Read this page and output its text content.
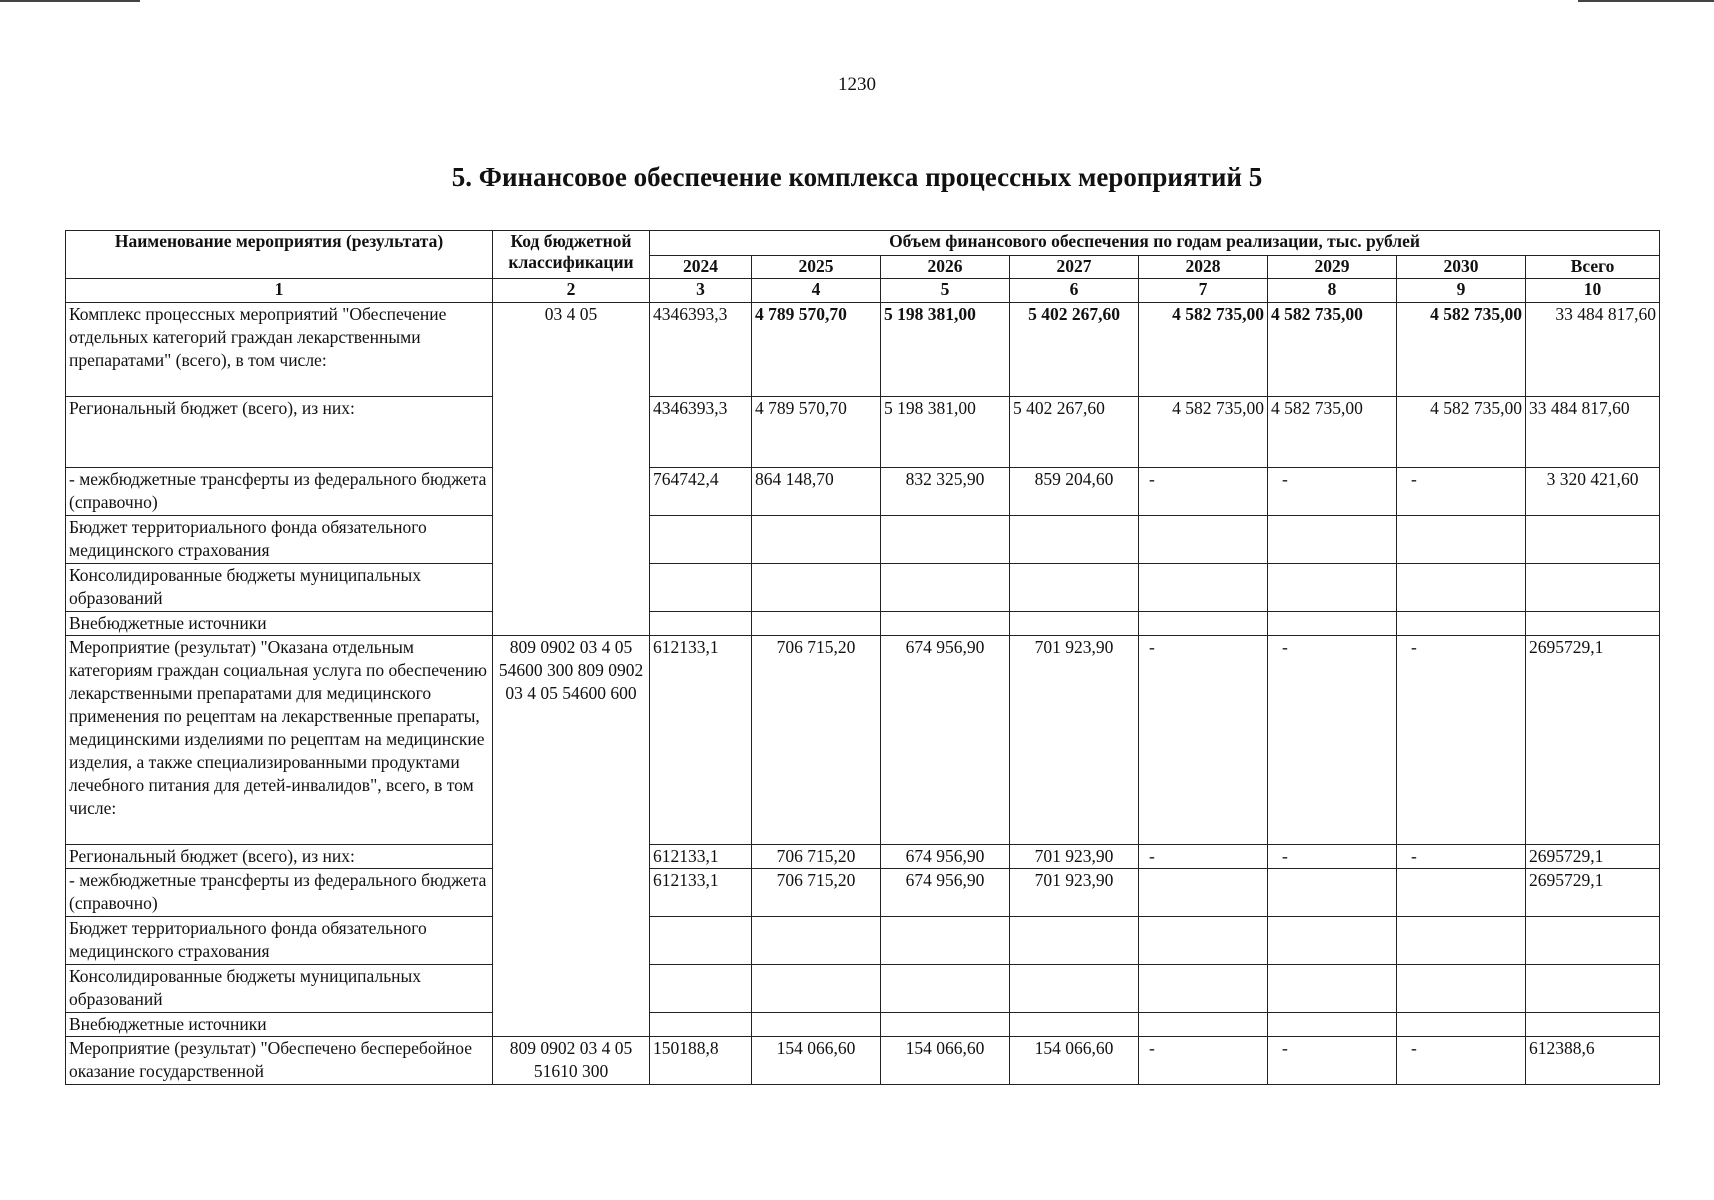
1230
5. Финансовое обеспечение комплекса процессных мероприятий 5
Наименование мероприятия (результата)	Код бюджетной классификации	Объем финансового обеспечения по годам реализации, тыс. рублей							
		2024	2025	2026	2027	2028	2029	2030	Всего
1	2	3	4	5	6	7	8	9	10
Комплекс процессных мероприятий "Обеспечение отдельных категорий граждан лекарственными препаратами" (всего), в том числе:	03 4 05	4346393,3	4 789 570,70	5 198 381,00	5 402 267,60	4 582 735,00	4 582 735,00	4 582 735,00	33 484 817,60
Региональный бюджет (всего), из них:		4346393,3	4 789 570,70	5 198 381,00	5 402 267,60	4 582 735,00	4 582 735,00	4 582 735,00	33 484 817,60
- межбюджетные трансферты из федерального бюджета (справочно)		764742,4	864 148,70	832 325,90	859 204,60	-	-	-	3 320 421,60
Бюджет территориального фонда обязательного медицинского страхования									
Консолидированные бюджеты муниципальных образований									
Внебюджетные источники									
Мероприятие (результат) "Оказана отдельным категориям граждан социальная услуга по обеспечению лекарственными препаратами для медицинского применения по рецептам на лекарственные препараты, медицинскими изделиями по рецептам на медицинские изделия, а также специализированными продуктами лечебного питания для детей-инвалидов", всего, в том числе:	809 0902 03 4 05 54600 300 809 0902 03 4 05 54600 600	612133,1	706 715,20	674 956,90	701 923,90	-	-	-	2695729,1
Региональный бюджет (всего), из них:		612133,1	706 715,20	674 956,90	701 923,90	-	-	-	2695729,1
- межбюджетные трансферты из федерального бюджета (справочно)		612133,1	706 715,20	674 956,90	701 923,90				2695729,1
Бюджет территориального фонда обязательного медицинского страхования									
Консолидированные бюджеты муниципальных образований									
Внебюджетные источники									
Мероприятие (результат) "Обеспечено бесперебойное оказание государственной	809 0902 03 4 05 51610 300	150188,8	154 066,60	154 066,60	154 066,60	-	-	-	612388,6
